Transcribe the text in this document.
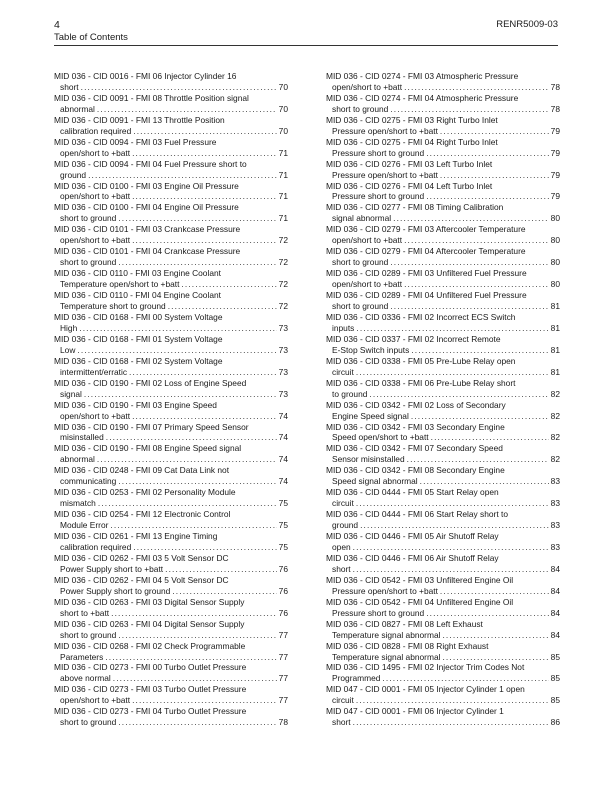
4
Table of Contents
RENR5009-03
MID 036 - CID 0016 - FMI 06 Injector Cylinder 16
short . . .	70
MID 036 - CID 0091 - FMI 08 Throttle Position signal
abnormal . . .	70
MID 036 - CID 0091 - FMI 13 Throttle Position
calibration required . . .	70
MID 036 - CID 0094 - FMI 03 Fuel Pressure
open/short to +batt . . .	71
MID 036 - CID 0094 - FMI 04 Fuel Pressure short to
ground . . .	71
MID 036 - CID 0100 - FMI 03 Engine Oil Pressure
open/short to +batt . . .	71
MID 036 - CID 0100 - FMI 04 Engine Oil Pressure
short to ground . . .	71
MID 036 - CID 0101 - FMI 03 Crankcase Pressure
open/short to +batt . . .	72
MID 036 - CID 0101 - FMI 04 Crankcase Pressure
short to ground . . .	72
MID 036 - CID 0110 - FMI 03 Engine Coolant
Temperature open/short to +batt . . .	72
MID 036 - CID 0110 - FMI 04 Engine Coolant
Temperature short to ground . . .	72
MID 036 - CID 0168 - FMI 00 System Voltage
High . . .	73
MID 036 - CID 0168 - FMI 01 System Voltage
Low . . .	73
MID 036 - CID 0168 - FMI 02 System Voltage
intermittent/erratic . . .	73
MID 036 - CID 0190 - FMI 02 Loss of Engine Speed
signal . . .	73
MID 036 - CID 0190 - FMI 03 Engine Speed
open/short to +batt . . .	74
MID 036 - CID 0190 - FMI 07 Primary Speed Sensor
misinstalled . . .	74
MID 036 - CID 0190 - FMI 08 Engine Speed signal
abnormal . . .	74
MID 036 - CID 0248 - FMI 09 Cat Data Link not
communicating . . .	74
MID 036 - CID 0253 - FMI 02 Personality Module
mismatch . . .	75
MID 036 - CID 0254 - FMI 12 Electronic Control
Module Error . . .	75
MID 036 - CID 0261 - FMI 13 Engine Timing
calibration required . . .	75
MID 036 - CID 0262 - FMI 03 5 Volt Sensor DC
Power Supply short to +batt . . .	76
MID 036 - CID 0262 - FMI 04 5 Volt Sensor DC
Power Supply short to ground . . .	76
MID 036 - CID 0263 - FMI 03 Digital Sensor Supply
short to +batt . . .	76
MID 036 - CID 0263 - FMI 04 Digital Sensor Supply
short to ground . . .	77
MID 036 - CID 0268 - FMI 02 Check Programmable
Parameters . . .	77
MID 036 - CID 0273 - FMI 00 Turbo Outlet Pressure
above normal . . .	77
MID 036 - CID 0273 - FMI 03 Turbo Outlet Pressure
open/short to +batt . . .	77
MID 036 - CID 0273 - FMI 04 Turbo Outlet Pressure
short to ground . . .	78
MID 036 - CID 0274 - FMI 03 Atmospheric Pressure
open/short to +batt . . .	78
MID 036 - CID 0274 - FMI 04 Atmospheric Pressure
short to ground . . .	78
MID 036 - CID 0275 - FMI 03 Right Turbo Inlet
Pressure open/short to +batt . . .	79
MID 036 - CID 0275 - FMI 04 Right Turbo Inlet
Pressure short to ground . . .	79
MID 036 - CID 0276 - FMI 03 Left Turbo Inlet
Pressure open/short to +batt . . .	79
MID 036 - CID 0276 - FMI 04 Left Turbo Inlet
Pressure short to ground . . .	79
MID 036 - CID 0277 - FMI 08 Timing Calibration
signal abnormal . . .	80
MID 036 - CID 0279 - FMI 03 Aftercooler Temperature
open/short to +batt . . .	80
MID 036 - CID 0279 - FMI 04 Aftercooler Temperature
short to ground . . .	80
MID 036 - CID 0289 - FMI 03 Unfiltered Fuel Pressure
open/short to +batt . . .	80
MID 036 - CID 0289 - FMI 04 Unfiltered Fuel Pressure
short to ground . . .	81
MID 036 - CID 0336 - FMI 02 Incorrect ECS Switch
inputs . . .	81
MID 036 - CID 0337 - FMI 02 Incorrect Remote
E-Stop Switch inputs . . .	81
MID 036 - CID 0338 - FMI 05 Pre-Lube Relay open
circuit . . .	81
MID 036 - CID 0338 - FMI 06 Pre-Lube Relay short
to ground . . .	82
MID 036 - CID 0342 - FMI 02 Loss of Secondary
Engine Speed signal . . .	82
MID 036 - CID 0342 - FMI 03 Secondary Engine
Speed open/short to +batt . . .	82
MID 036 - CID 0342 - FMI 07 Secondary Speed
Sensor misinstalled . . .	82
MID 036 - CID 0342 - FMI 08 Secondary Engine
Speed signal abnormal . . .	83
MID 036 - CID 0444 - FMI 05 Start Relay open
circuit . . .	83
MID 036 - CID 0444 - FMI 06 Start Relay short to
ground . . .	83
MID 036 - CID 0446 - FMI 05 Air Shutoff Relay
open . . .	83
MID 036 - CID 0446 - FMI 06 Air Shutoff Relay
short . . .	84
MID 036 - CID 0542 - FMI 03 Unfiltered Engine Oil
Pressure open/short to +batt . . .	84
MID 036 - CID 0542 - FMI 04 Unfiltered Engine Oil
Pressure short to ground . . .	84
MID 036 - CID 0827 - FMI 08 Left Exhaust
Temperature signal abnormal . . .	84
MID 036 - CID 0828 - FMI 08 Right Exhaust
Temperature signal abnormal . . .	85
MID 036 - CID 1495 - FMI 02 Injector Trim Codes Not
Programmed . . .	85
MID 047 - CID 0001 - FMI 05 Injector Cylinder 1 open
circuit . . .	85
MID 047 - CID 0001 - FMI 06 Injector Cylinder 1
short . . .	86
